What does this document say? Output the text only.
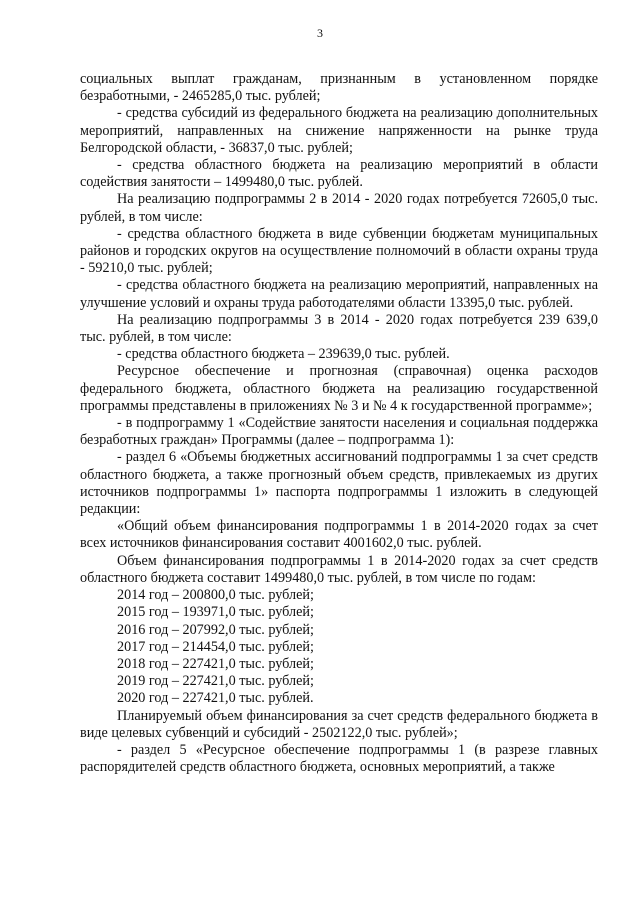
3

социальных выплат гражданам, признанным в установленном порядке безработными, - 2465285,0 тыс. рублей;

- средства субсидий из федерального бюджета на реализацию дополнительных мероприятий, направленных на снижение напряженности на рынке труда Белгородской области, - 36837,0 тыс. рублей;

- средства областного бюджета на реализацию мероприятий в области содействия занятости – 1499480,0 тыс. рублей.

На реализацию подпрограммы 2 в 2014 - 2020 годах потребуется 72605,0 тыс. рублей, в том числе:

- средства областного бюджета в виде субвенции бюджетам муниципальных районов и городских округов на осуществление полномочий в области охраны труда - 59210,0 тыс. рублей;

- средства областного бюджета на реализацию мероприятий, направленных на улучшение условий и охраны труда работодателями области 13395,0 тыс. рублей.

На реализацию подпрограммы 3 в 2014 - 2020 годах потребуется 239 639,0 тыс. рублей, в том числе:

- средства областного бюджета – 239639,0 тыс. рублей.

Ресурсное обеспечение и прогнозная (справочная) оценка расходов федерального бюджета, областного бюджета на реализацию государственной программы представлены в приложениях № 3 и № 4 к государственной программе»;

- в подпрограмму 1 «Содействие занятости населения и социальная поддержка безработных граждан» Программы (далее – подпрограмма 1):

- раздел 6 «Объемы бюджетных ассигнований подпрограммы 1 за счет средств областного бюджета, а также прогнозный объем средств, привлекаемых из других источников подпрограммы 1» паспорта подпрограммы 1 изложить в следующей редакции:

«Общий объем финансирования подпрограммы 1 в 2014-2020 годах за счет всех источников финансирования составит 4001602,0 тыс. рублей.

Объем финансирования подпрограммы 1 в 2014-2020 годах за счет средств областного бюджета составит 1499480,0 тыс. рублей, в том числе по годам:

2014 год – 200800,0 тыс. рублей;

2015 год – 193971,0 тыс. рублей;

2016 год – 207992,0 тыс. рублей;

2017 год – 214454,0 тыс. рублей;

2018 год – 227421,0 тыс. рублей;

2019 год – 227421,0 тыс. рублей;

2020 год – 227421,0 тыс. рублей.

Планируемый объем финансирования за счет средств федерального бюджета в виде целевых субвенций и субсидий - 2502122,0 тыс. рублей»;

- раздел 5 «Ресурсное обеспечение подпрограммы 1 (в разрезе главных распорядителей средств областного бюджета, основных мероприятий, а также
